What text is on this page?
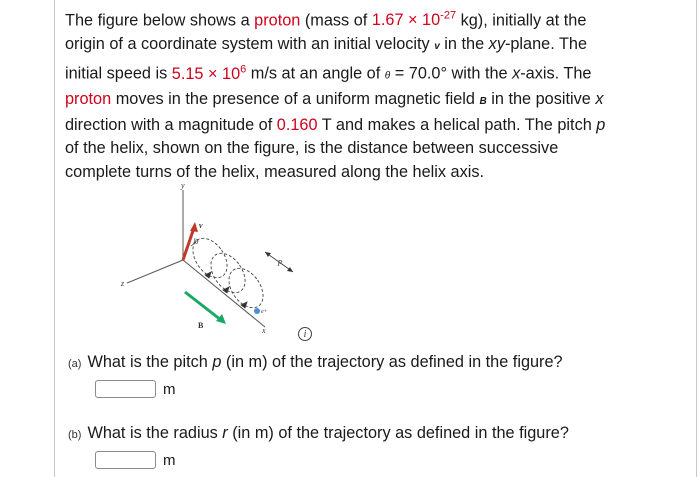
The figure below shows a proton (mass of $1.67 \times 10^{-27}$ kg), initially at the
origin of a coordinate system with an initial velocity v in the xy-plane. The
initial speed is $5.15 \times 10^6$ m/s at an angle of θ = 70.0° with the x-axis. The
proton moves in the presence of a uniform magnetic field B in the positive x
direction with a magnitude of 0.160 T and makes a helical path. The pitch p
of the helix, shown on the figure, is the distance between successive
complete turns of the helix, measured along the helix axis.
y
z
x
v
θ
e+
p
B
i
(a) What is the pitch p (in m) of the trajectory as defined in the figure?
m
(b) What is the radius r (in m) of the trajectory as defined in the figure?
m
